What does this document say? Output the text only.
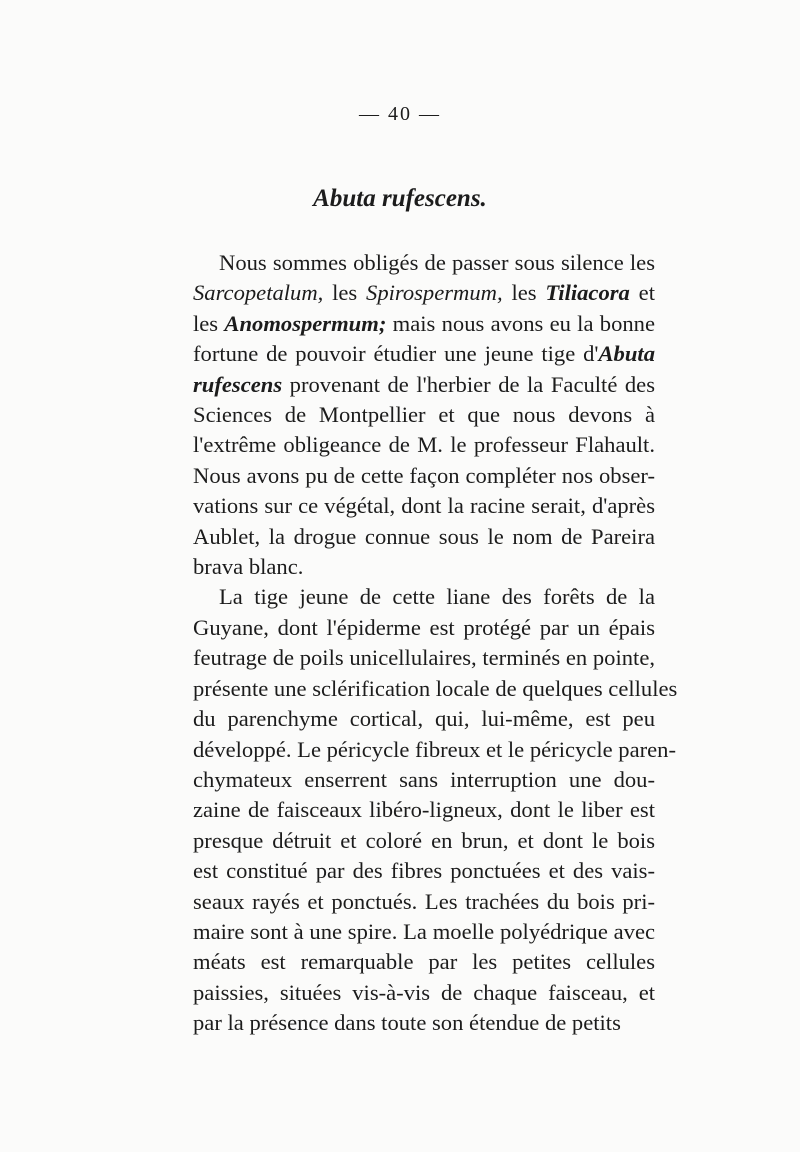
— 40 —
Abuta rufescens.

Nous sommes obligés de passer sous silence les
Sarcopetalum, les Spirospermum, les Tiliacora et
les Anomospermum; mais nous avons eu la bonne
fortune de pouvoir étudier une jeune tige d'Abuta
rufescens provenant de l'herbier de la Faculté des
Sciences de Montpellier et que nous devons à
l'extrême obligeance de M. le professeur Flahault.
Nous avons pu de cette façon compléter nos obser-
vations sur ce végétal, dont la racine serait, d'après
Aublet, la drogue connue sous le nom de Pareira
brava blanc.

La tige jeune de cette liane des forêts de la
Guyane, dont l'épiderme est protégé par un épais
feutrage de poils unicellulaires, terminés en pointe,
présente une sclérification locale de quelques cellules
du parenchyme cortical, qui, lui-même, est peu
développé. Le péricycle fibreux et le péricycle paren-
chymateux enserrent sans interruption une dou-
zaine de faisceaux libéro-ligneux, dont le liber est
presque détruit et coloré en brun, et dont le bois
est constitué par des fibres ponctuées et des vais-
seaux rayés et ponctués. Les trachées du bois pri-
maire sont à une spire. La moelle polyédrique avec
méats est remarquable par les petites cellules
paissies, situées vis-à-vis de chaque faisceau, et
par la présence dans toute son étendue de petits
